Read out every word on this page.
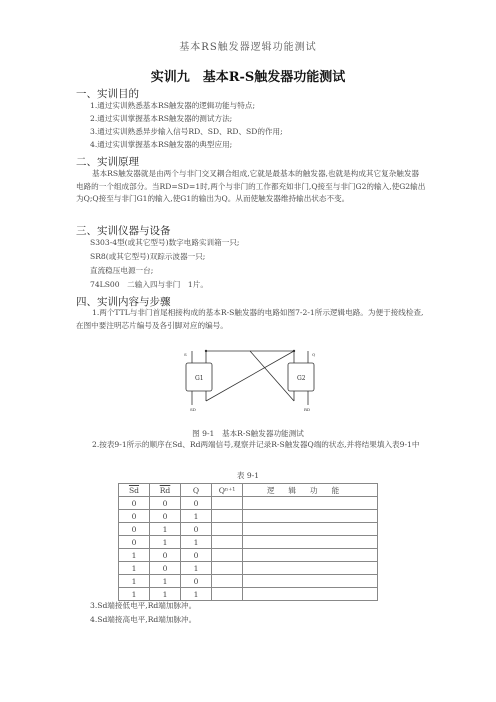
基本RS触发器逻辑功能测试
实训九　基本R-S触发器功能测试
一、实训目的
1.通过实训熟悉基本RS触发器的逻辑功能与特点;
2.通过实训掌握基本RS触发器的测试方法;
3.通过实训熟悉异步输入信号RD、SD、RD、SD的作用;
4.通过实训掌握基本RS触发器的典型应用;
二、实训原理
基本RS触发器就是由两个与非门交叉耦合组成,它就是最基本的触发器,也就是构成其它复杂触发器电路的一个组成部分。当RD=SD=1时,两个与非门的工作都充如非门,Q接至与非门G2的输入,使G2输出为Q;Q接至与非门G1的输入,使G1的输出为Q。从而使触发器维持输出状态不变。
三、实训仪器与设备
S303-4型(或其它型号)数字电路实训箱一只;
SR8(或其它型号)双踪示波器一只;
直流稳压电源一台;
74LS00　二输入四与非门　1片。
四、实训内容与步骤
1.两个TTL与非门首尾相接构成的基本R-S触发器的电路如图7-2-1所示逻辑电路。为便于接线检查,在图中要注明芯片编号及各引脚对应的编号。
G1	G2
S
SD
Q
RD
图 9-1　基本R-S触发器功能测试
2.按表9-1所示的顺序在Sd、Rd两端信号,观察并记录R-S触发器Q端的状态,并将结果填入表9-1中
表 9-1
$\overline{Sd}$	$\overline{Rd}$	Q	Qⁿ⁺¹	逻辑功能
0	0	0		
0	0	1		
0	1	0		
0	1	1		
1	0	0		
1	0	1		
1	1	0		
1	1	1		
3.Sd端接低电平,Rd端加脉冲。
4.Sd端接高电平,Rd端加脉冲。
